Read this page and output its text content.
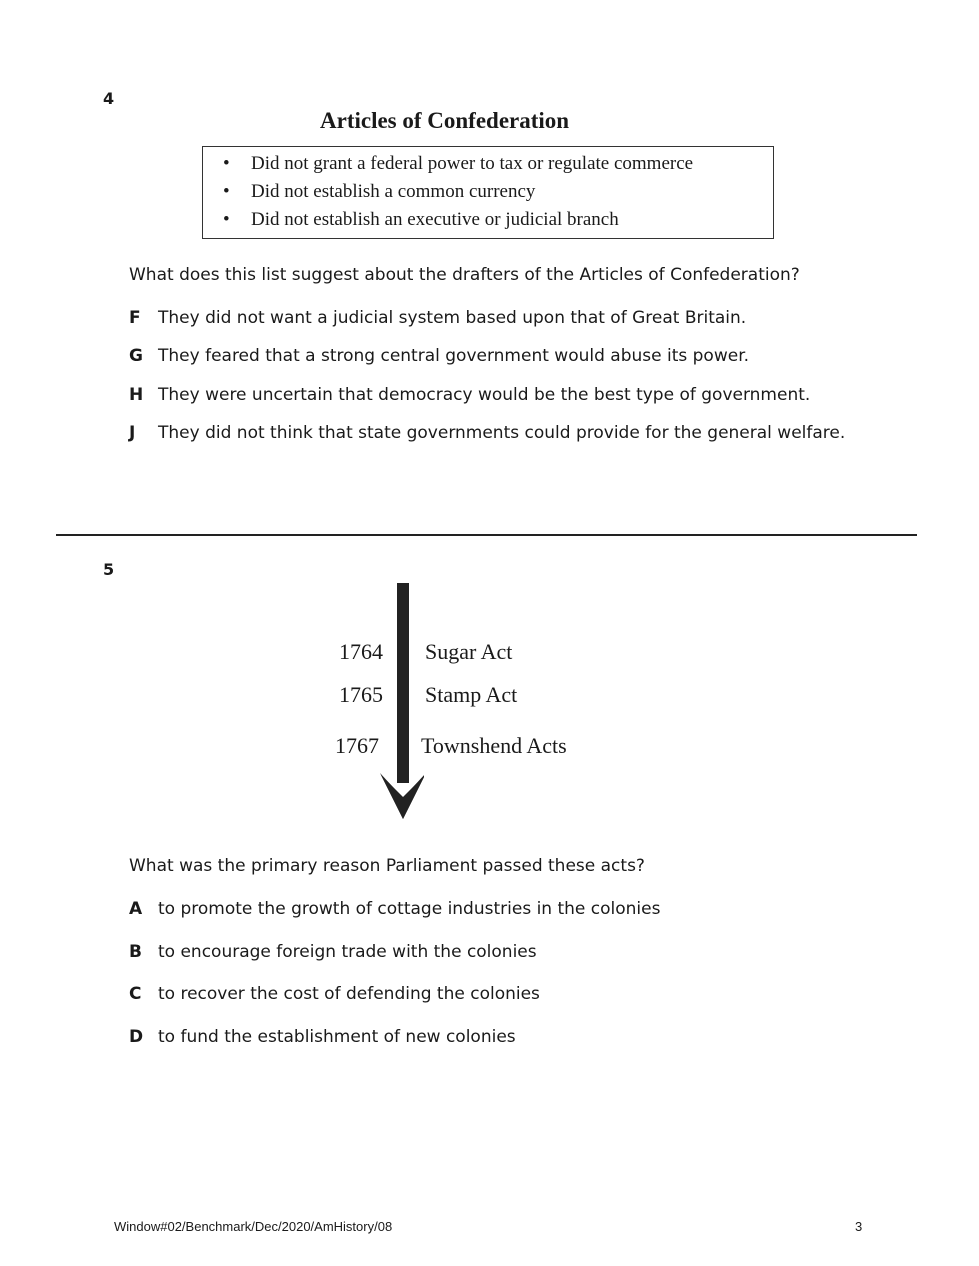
4
Articles of Confederation
• Did not grant a federal power to tax or regulate commerce
• Did not establish a common currency
• Did not establish an executive or judicial branch
What does this list suggest about the drafters of the Articles of Confederation?
F They did not want a judicial system based upon that of Great Britain.
G They feared that a strong central government would abuse its power.
H They were uncertain that democracy would be the best type of government.
J They did not think that state governments could provide for the general welfare.
5
1764 Sugar Act
1765 Stamp Act
1767 Townshend Acts
What was the primary reason Parliament passed these acts?
A to promote the growth of cottage industries in the colonies
B to encourage foreign trade with the colonies
C to recover the cost of defending the colonies
D to fund the establishment of new colonies
Window#02/Benchmark/Dec/2020/AmHistory/08	3
